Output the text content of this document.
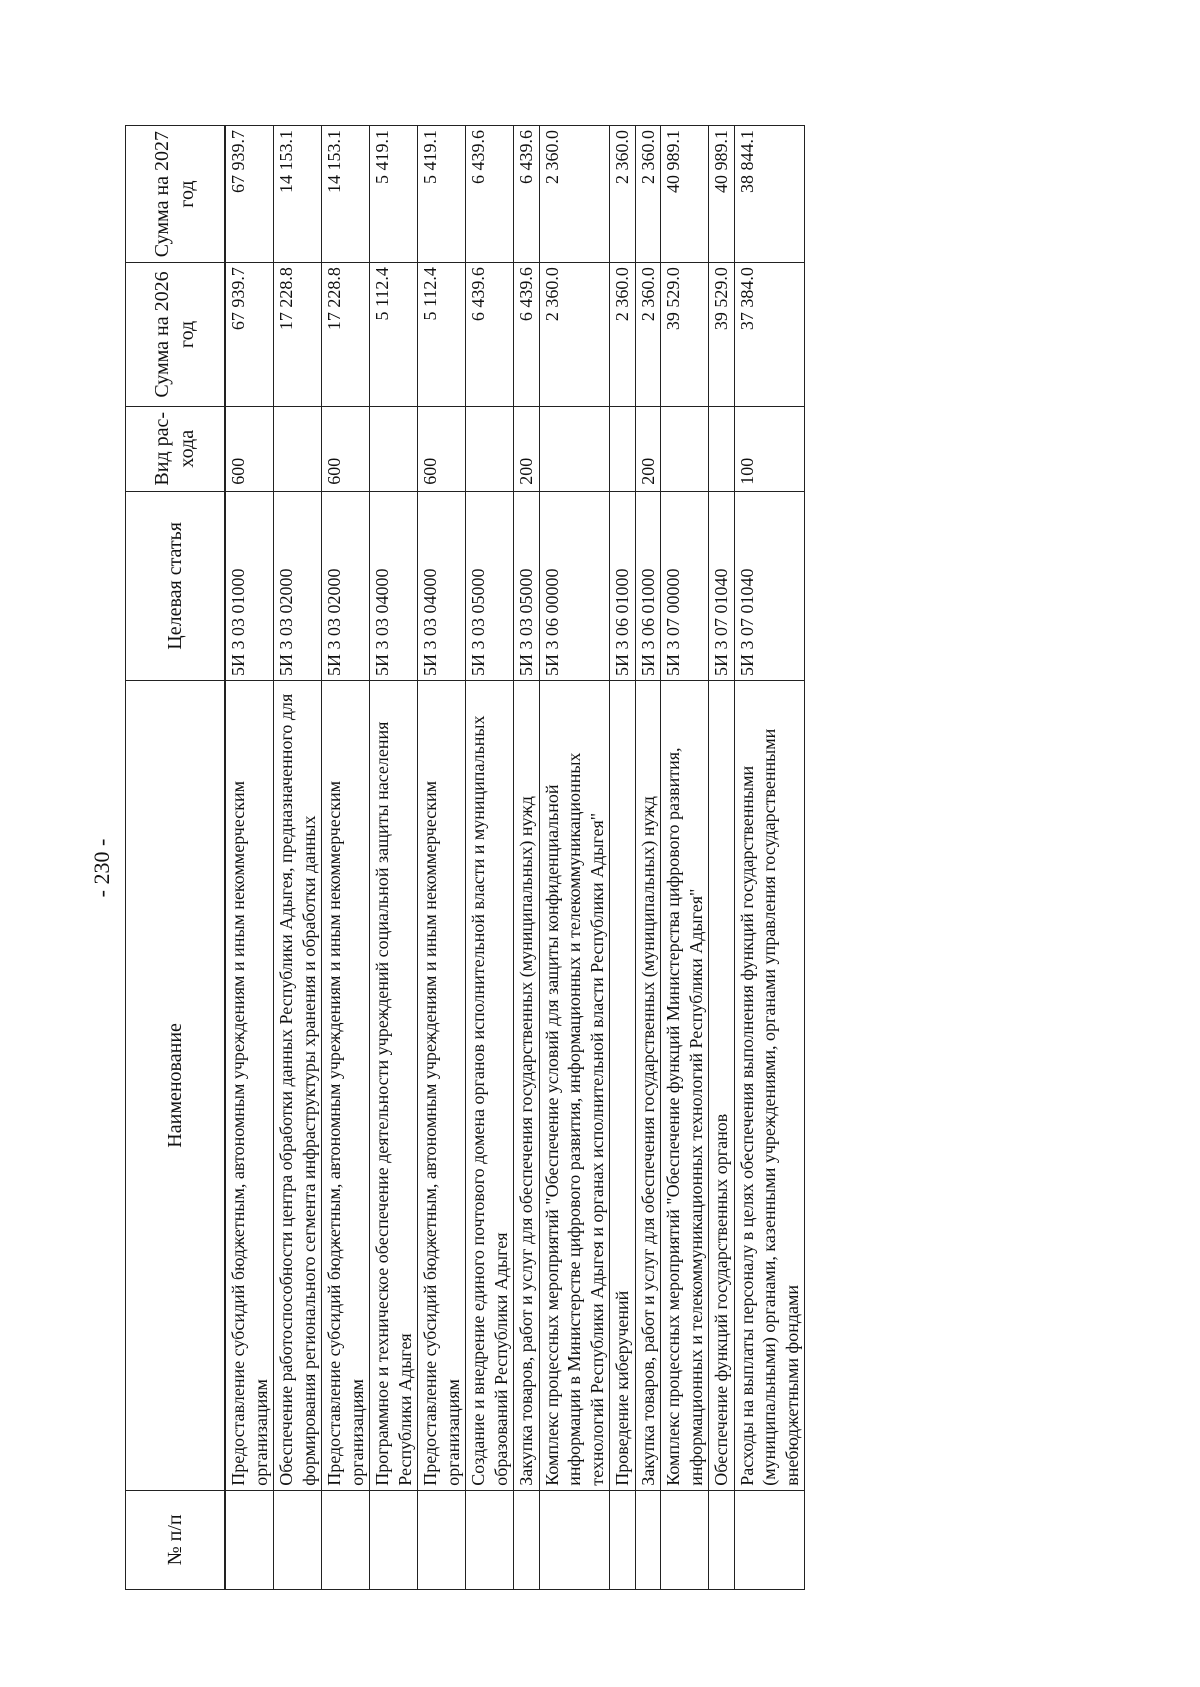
- 230 -
№ п/п	Наименование	Целевая статья	Вид рас-хода	Сумма на 2026 год	Сумма на 2027 год
	Предоставление субсидий бюджетным, автономным учреждениям и иным некоммерческим организациям	5И 3 03 01000	600	67 939.7	67 939.7
	Обеспечение работоспособности центра обработки данных Республики Адыгея, предназначенного для формирования регионального сегмента инфраструктуры хранения и обработки данных	5И 3 03 02000		17 228.8	14 153.1
	Предоставление субсидий бюджетным, автономным учреждениям и иным некоммерческим организациям	5И 3 03 02000	600	17 228.8	14 153.1
	Программное и техническое обеспечение деятельности учреждений социальной защиты населения Республики Адыгея	5И 3 03 04000		5 112.4	5 419.1
	Предоставление субсидий бюджетным, автономным учреждениям и иным некоммерческим организациям	5И 3 03 04000	600	5 112.4	5 419.1
	Создание и внедрение единого почтового домена органов исполнительной власти и муниципальных образований Республики Адыгея	5И 3 03 05000		6 439.6	6 439.6
	Закупка товаров, работ и услуг для обеспечения государственных (муниципальных) нужд	5И 3 03 05000	200	6 439.6	6 439.6
	Комплекс процессных мероприятий "Обеспечение условий для защиты конфиденциальной информации в Министерстве цифрового развития, информационных и телекоммуникационных технологий Республики Адыгея и органах исполнительной власти Республики Адыгея"	5И 3 06 00000		2 360.0	2 360.0
	Проведение киберучений	5И 3 06 01000		2 360.0	2 360.0
	Закупка товаров, работ и услуг для обеспечения государственных (муниципальных) нужд	5И 3 06 01000	200	2 360.0	2 360.0
	Комплекс процессных мероприятий "Обеспечение функций Министерства цифрового развития, информационных и телекоммуникационных технологий Республики Адыгея"	5И 3 07 00000		39 529.0	40 989.1
	Обеспечение функций государственных органов	5И 3 07 01040		39 529.0	40 989.1
	Расходы на выплаты персоналу в целях обеспечения выполнения функций государственными (муниципальными) органами, казенными учреждениями, органами управления государственными внебюджетными фондами	5И 3 07 01040	100	37 384.0	38 844.1
